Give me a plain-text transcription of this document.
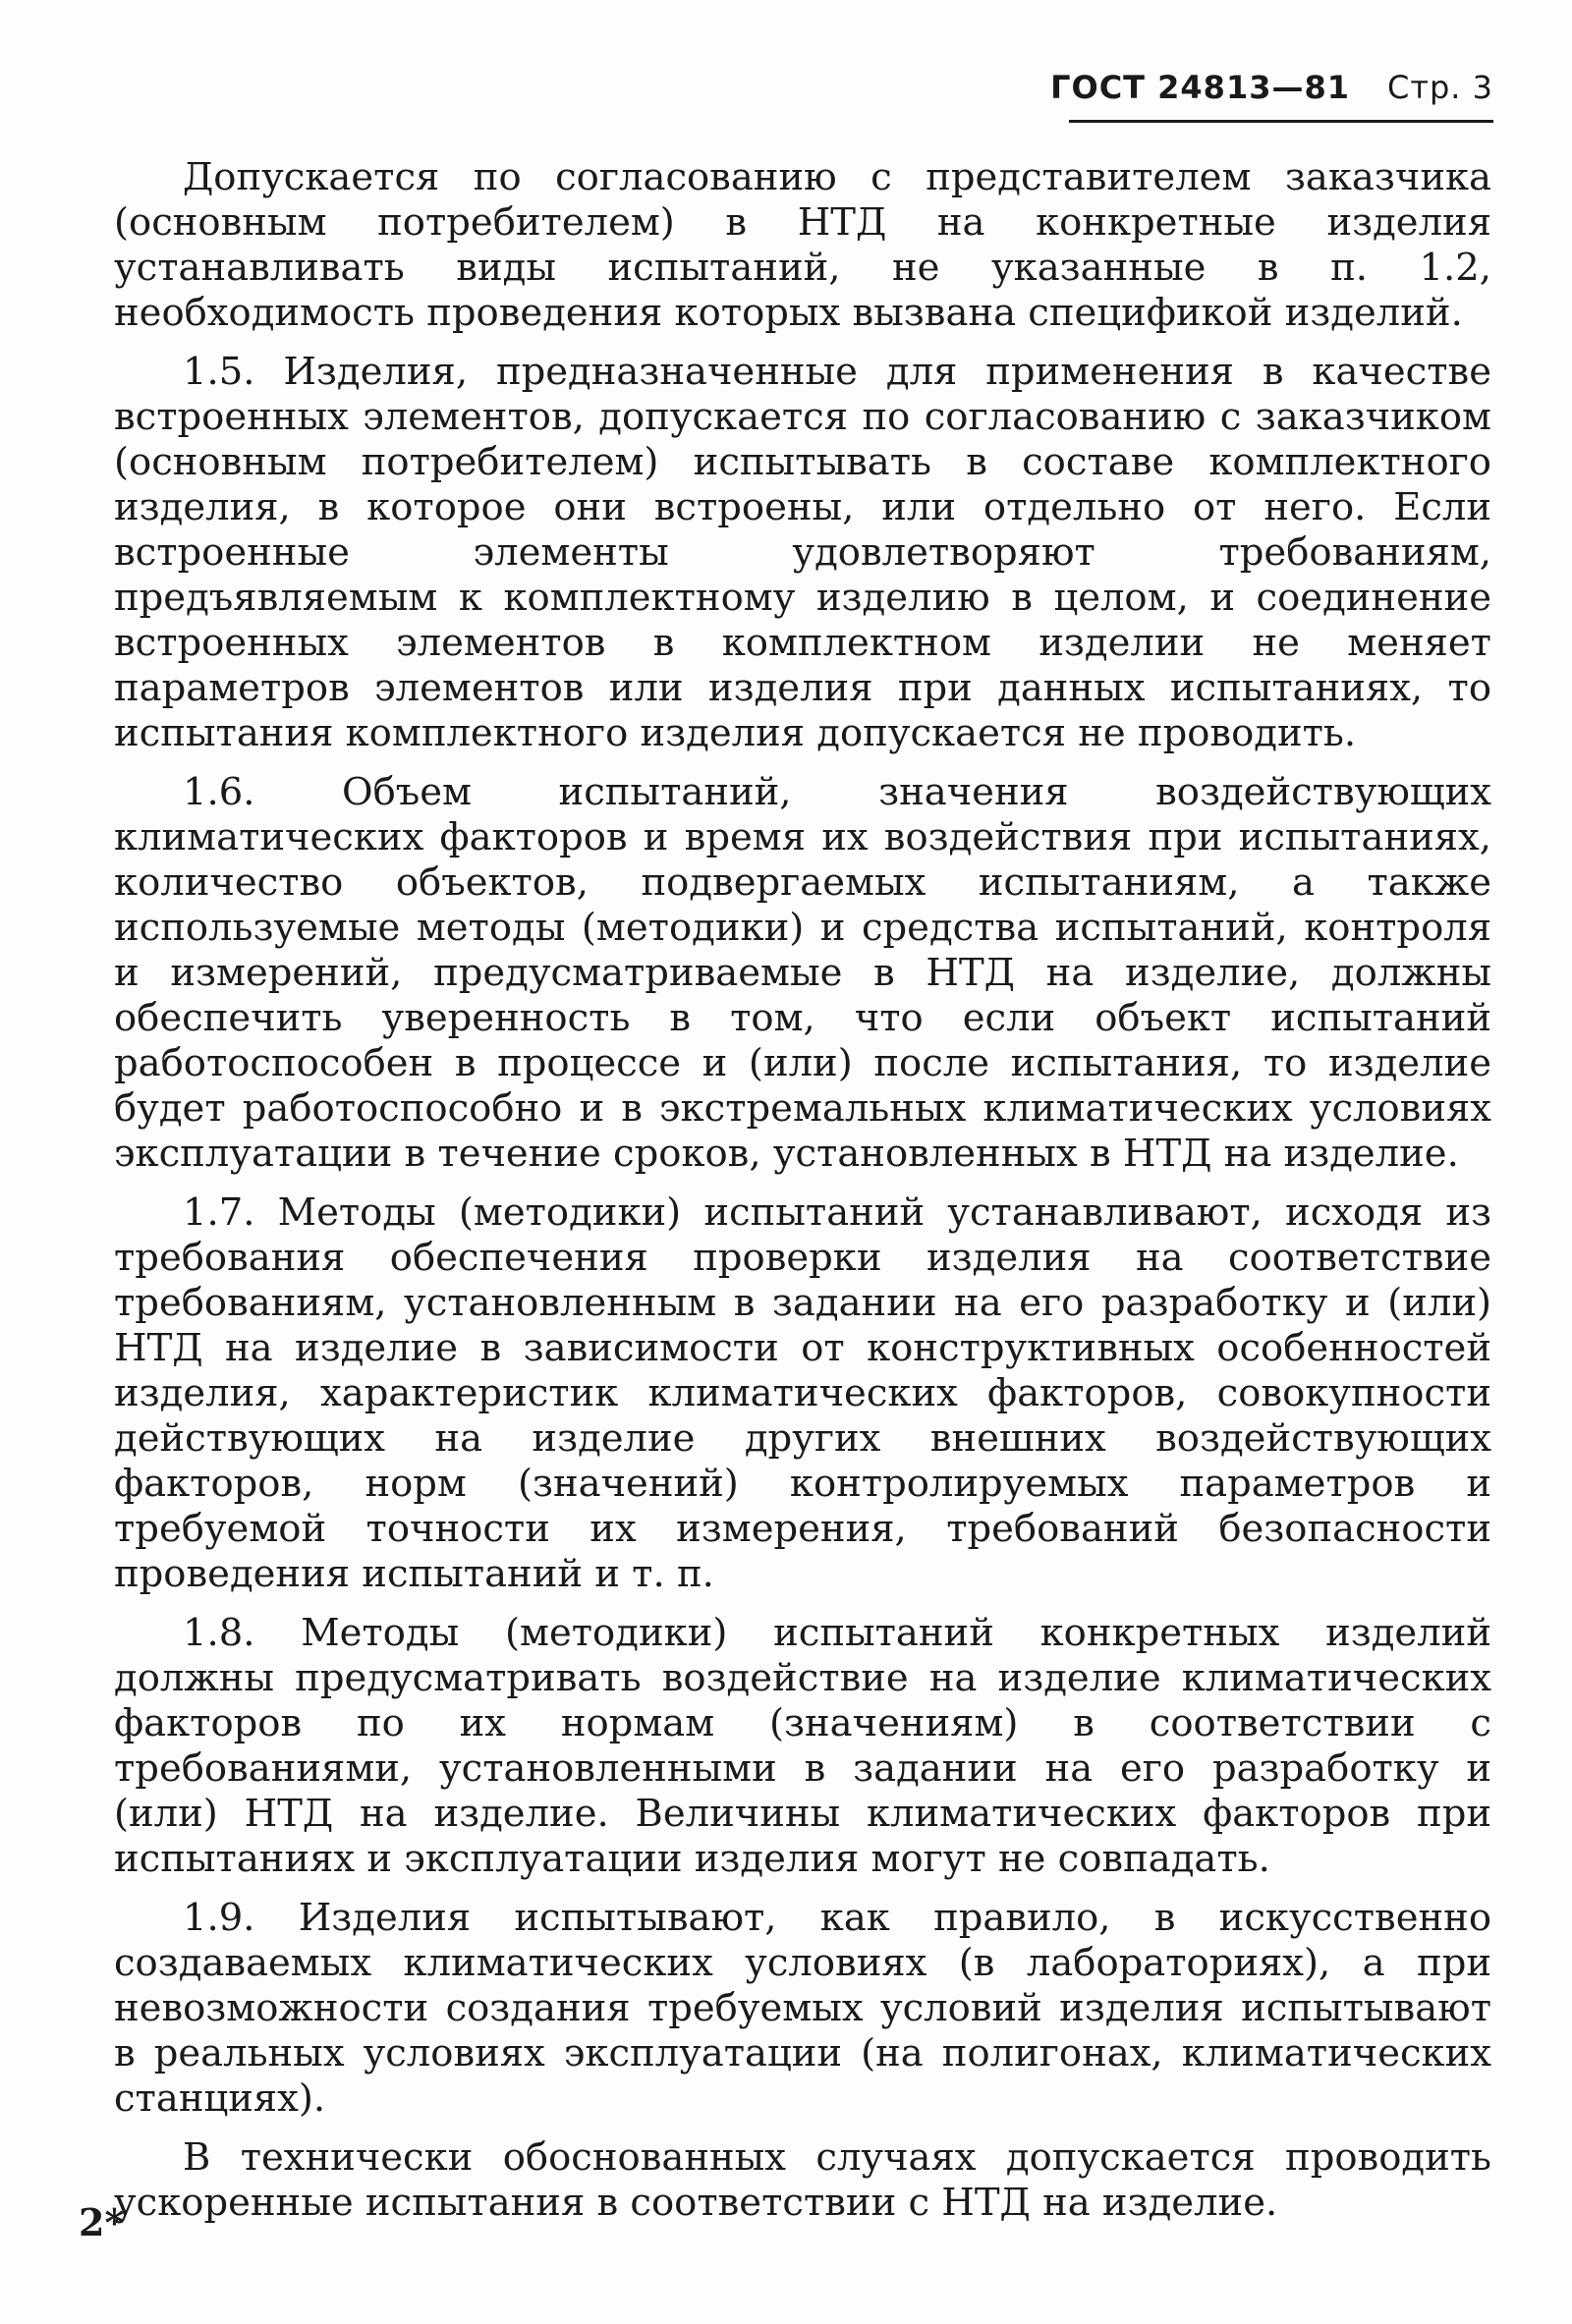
ГОСТ 24813—81 Стр. 3

Допускается по согласованию с представителем заказчика (основным потребителем) в НТД на конкретные изделия устанавливать виды испытаний, не указанные в п. 1.2, необходимость проведения которых вызвана спецификой изделий.

1.5. Изделия, предназначенные для применения в качестве встроенных элементов, допускается по согласованию с заказчиком (основным потребителем) испытывать в составе комплектного изделия, в которое они встроены, или отдельно от него. Если встроенные элементы удовлетворяют требованиям, предъявляемым к комплектному изделию в целом, и соединение встроенных элементов в комплектном изделии не меняет параметров элементов или изделия при данных испытаниях, то испытания комплектного изделия допускается не проводить.

1.6. Объем испытаний, значения воздействующих климатических факторов и время их воздействия при испытаниях, количество объектов, подвергаемых испытаниям, а также используемые методы (методики) и средства испытаний, контроля и измерений, предусматриваемые в НТД на изделие, должны обеспечить уверенность в том, что если объект испытаний работоспособен в процессе и (или) после испытания, то изделие будет работоспособно и в экстремальных климатических условиях эксплуатации в течение сроков, установленных в НТД на изделие.

1.7. Методы (методики) испытаний устанавливают, исходя из требования обеспечения проверки изделия на соответствие требованиям, установленным в задании на его разработку и (или) НТД на изделие в зависимости от конструктивных особенностей изделия, характеристик климатических факторов, совокупности действующих на изделие других внешних воздействующих факторов, норм (значений) контролируемых параметров и требуемой точности их измерения, требований безопасности проведения испытаний и т. п.

1.8. Методы (методики) испытаний конкретных изделий должны предусматривать воздействие на изделие климатических факторов по их нормам (значениям) в соответствии с требованиями, установленными в задании на его разработку и (или) НТД на изделие. Величины климатических факторов при испытаниях и эксплуатации изделия могут не совпадать.

1.9. Изделия испытывают, как правило, в искусственно создаваемых климатических условиях (в лабораториях), а при невозможности создания требуемых условий изделия испытывают в реальных условиях эксплуатации (на полигонах, климатических станциях).

В технически обоснованных случаях допускается проводить ускоренные испытания в соответствии с НТД на изделие.

2*
